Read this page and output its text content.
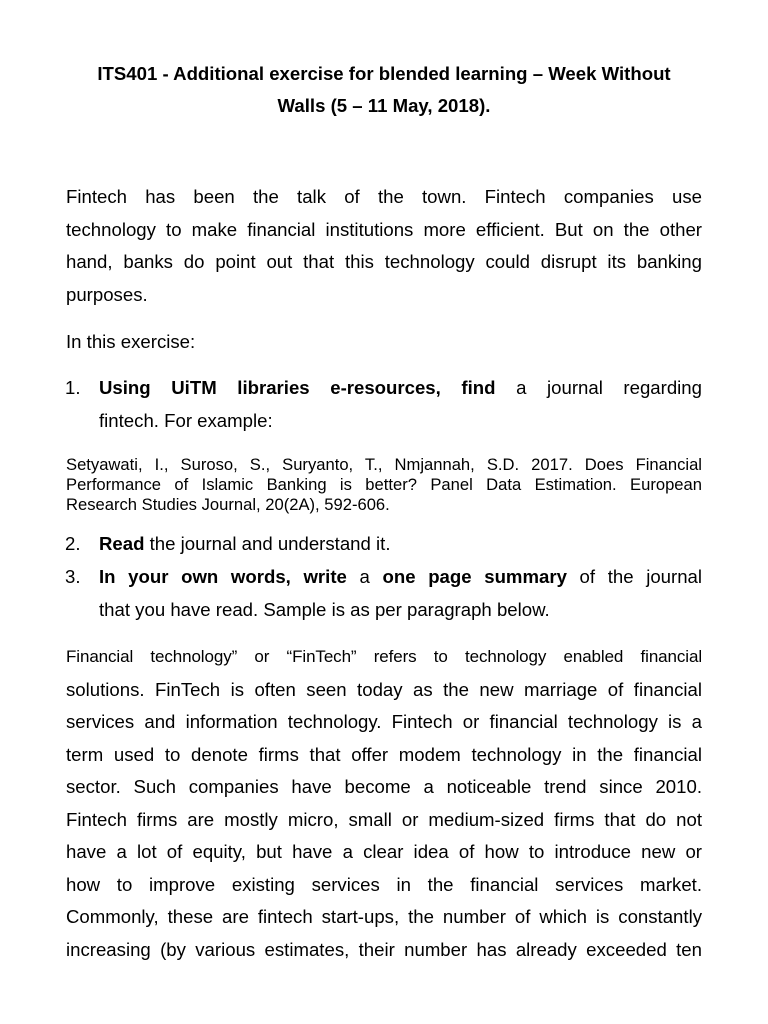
ITS401 - Additional exercise for blended learning – Week Without
Walls (5 – 11 May, 2018).
Fintech has been the talk of the town. Fintech companies use
technology to make financial institutions more efficient. But on the other
hand, banks do point out that this technology could disrupt its banking
purposes.
In this exercise:
1. Using UiTM libraries e-resources, find a journal regarding
fintech. For example:
Setyawati, I., Suroso, S., Suryanto, T., Nmjannah, S.D. 2017. Does Financial
Performance of Islamic Banking is better? Panel Data Estimation. European
Research Studies Journal, 20(2A), 592-606.
2. Read the journal and understand it.
3. In your own words, write a one page summary of the journal
that you have read. Sample is as per paragraph below.
Financial technology” or “FinTech” refers to technology enabled financial
solutions. FinTech is often seen today as the new marriage of financial
services and information technology. Fintech or financial technology is a
term used to denote firms that offer modem technology in the financial
sector. Such companies have become a noticeable trend since 2010.
Fintech firms are mostly micro, small or medium-sized firms that do not
have a lot of equity, but have a clear idea of how to introduce new or
how to improve existing services in the financial services market.
Commonly, these are fintech start-ups, the number of which is constantly
increasing (by various estimates, their number has already exceeded ten
